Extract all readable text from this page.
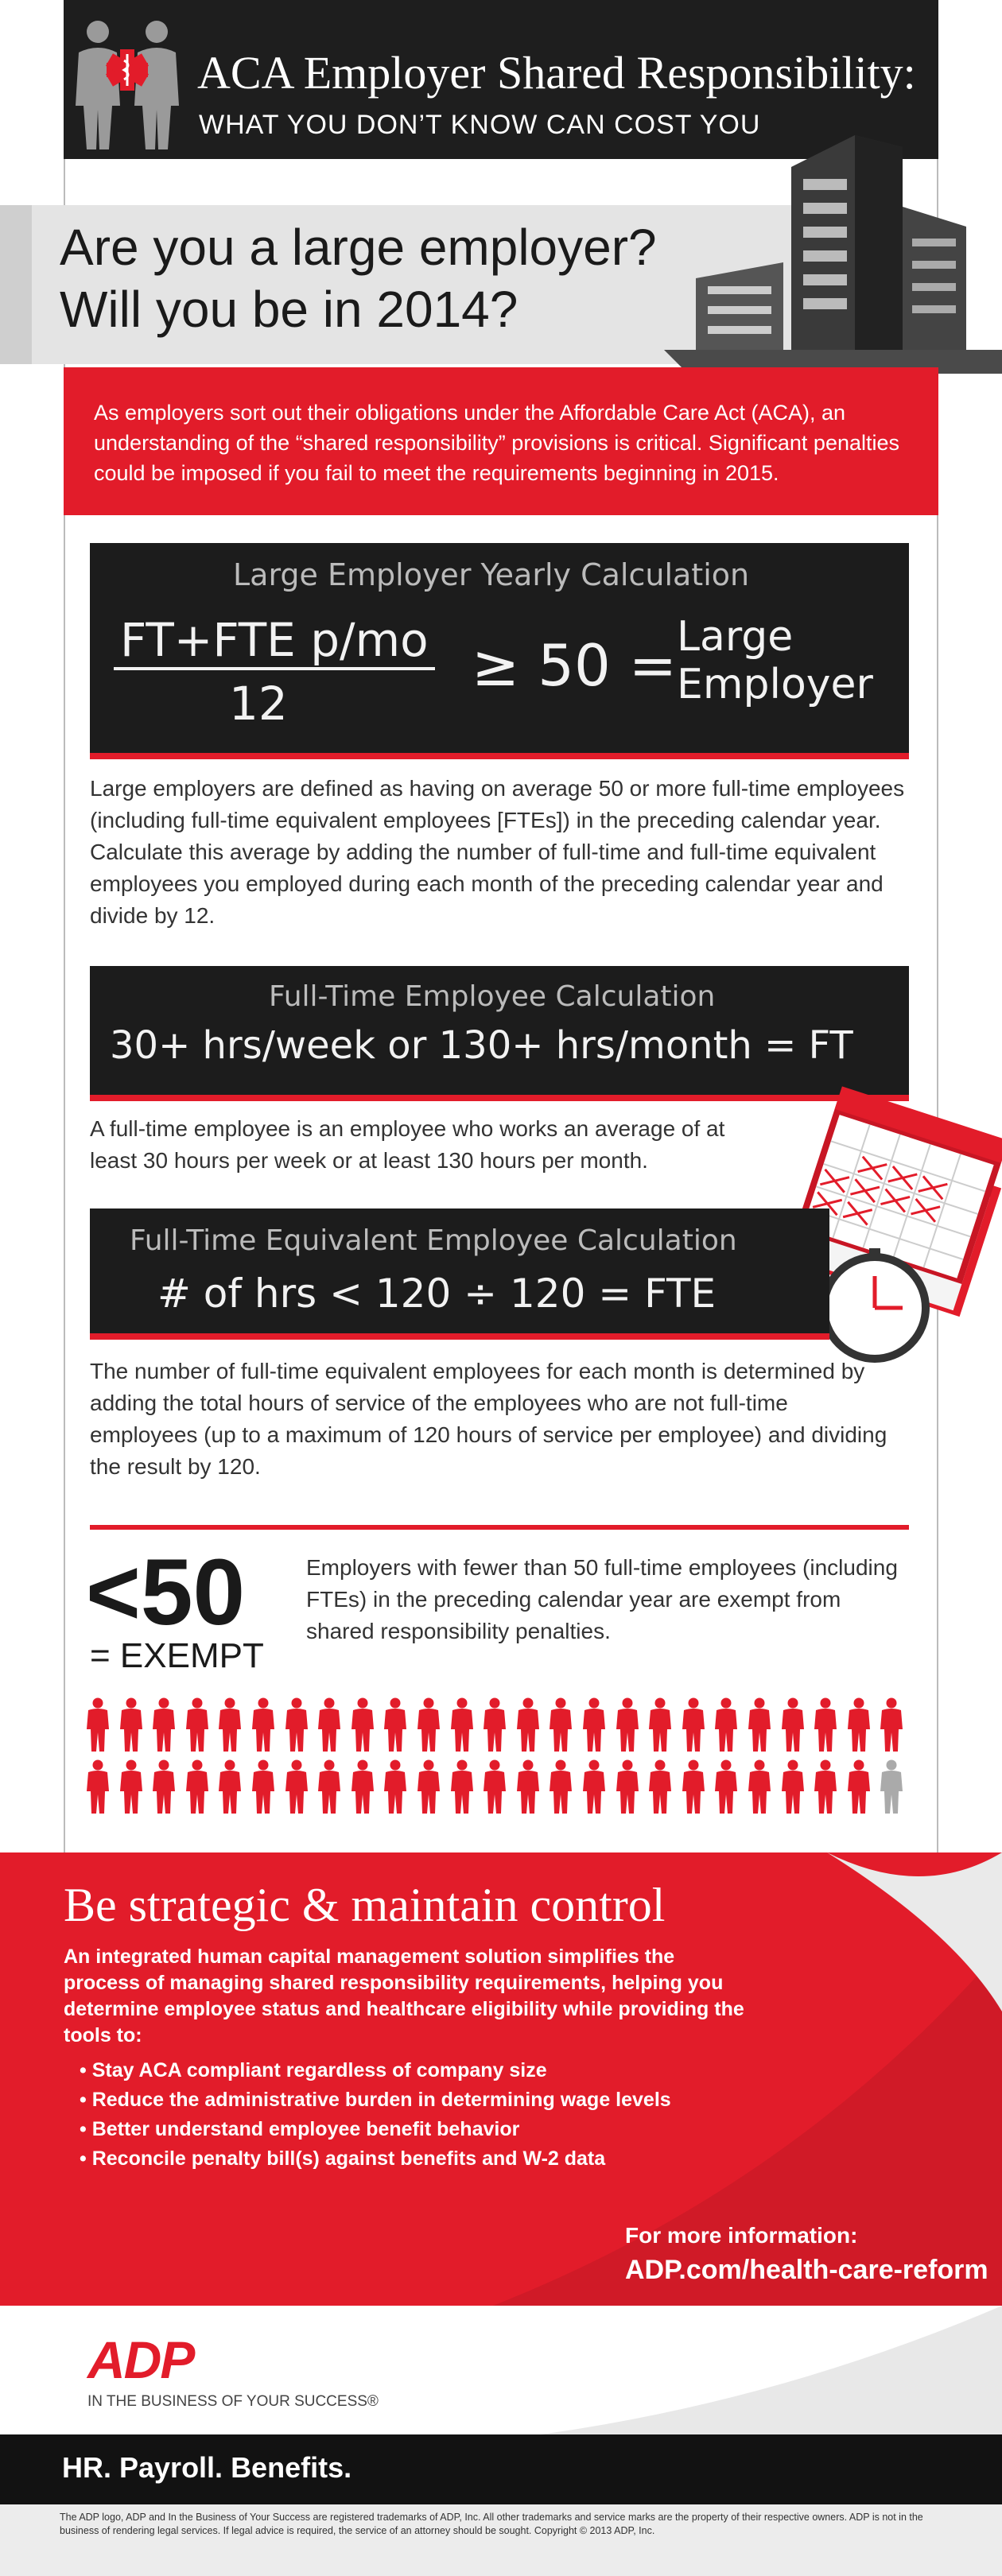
ACA Employer Shared Responsibility:
WHAT YOU DON’T KNOW CAN COST YOU
Are you a large employer?
Will you be in 2014?
As employers sort out their obligations under the Affordable Care Act (ACA), an understanding of the “shared responsibility” provisions is critical. Significant penalties could be imposed if you fail to meet the requirements beginning in 2015.
Large Employer Yearly Calculation
FT+FTE p/mo
12
≥ 50 = Large
Employer
Large employers are defined as having on average 50 or more full-time employees (including full-time equivalent employees [FTEs]) in the preceding calendar year. Calculate this average by adding the number of full-time and full-time equivalent employees you employed during each month of the preceding calendar year and divide by 12.
Full-Time Employee Calculation
30+ hrs/week or 130+ hrs/month = FT
A full-time employee is an employee who works an average of at least 30 hours per week or at least 130 hours per month.
Full-Time Equivalent Employee Calculation
# of hrs < 120 ÷ 120 = FTE
The number of full-time equivalent employees for each month is determined by adding the total hours of service of the employees who are not full-time employees (up to a maximum of 120 hours of service per employee) and dividing the result by 120.
<50
= EXEMPT
Employers with fewer than 50 full-time employees (including FTEs) in the preceding calendar year are exempt from shared responsibility penalties.
Be strategic & maintain control
An integrated human capital management solution simplifies the process of managing shared responsibility requirements, helping you determine employee status and healthcare eligibility while providing the tools to:
• Stay ACA compliant regardless of company size
• Reduce the administrative burden in determining wage levels
• Better understand employee benefit behavior
• Reconcile penalty bill(s) against benefits and W-2 data
For more information:
ADP.com/health-care-reform
ADP
IN THE BUSINESS OF YOUR SUCCESS®
HR. Payroll. Benefits.
The ADP logo, ADP and In the Business of Your Success are registered trademarks of ADP, Inc. All other trademarks and service marks are the property of their respective owners. ADP is not in the business of rendering legal services. If legal advice is required, the service of an attorney should be sought. Copyright © 2013 ADP, Inc.
